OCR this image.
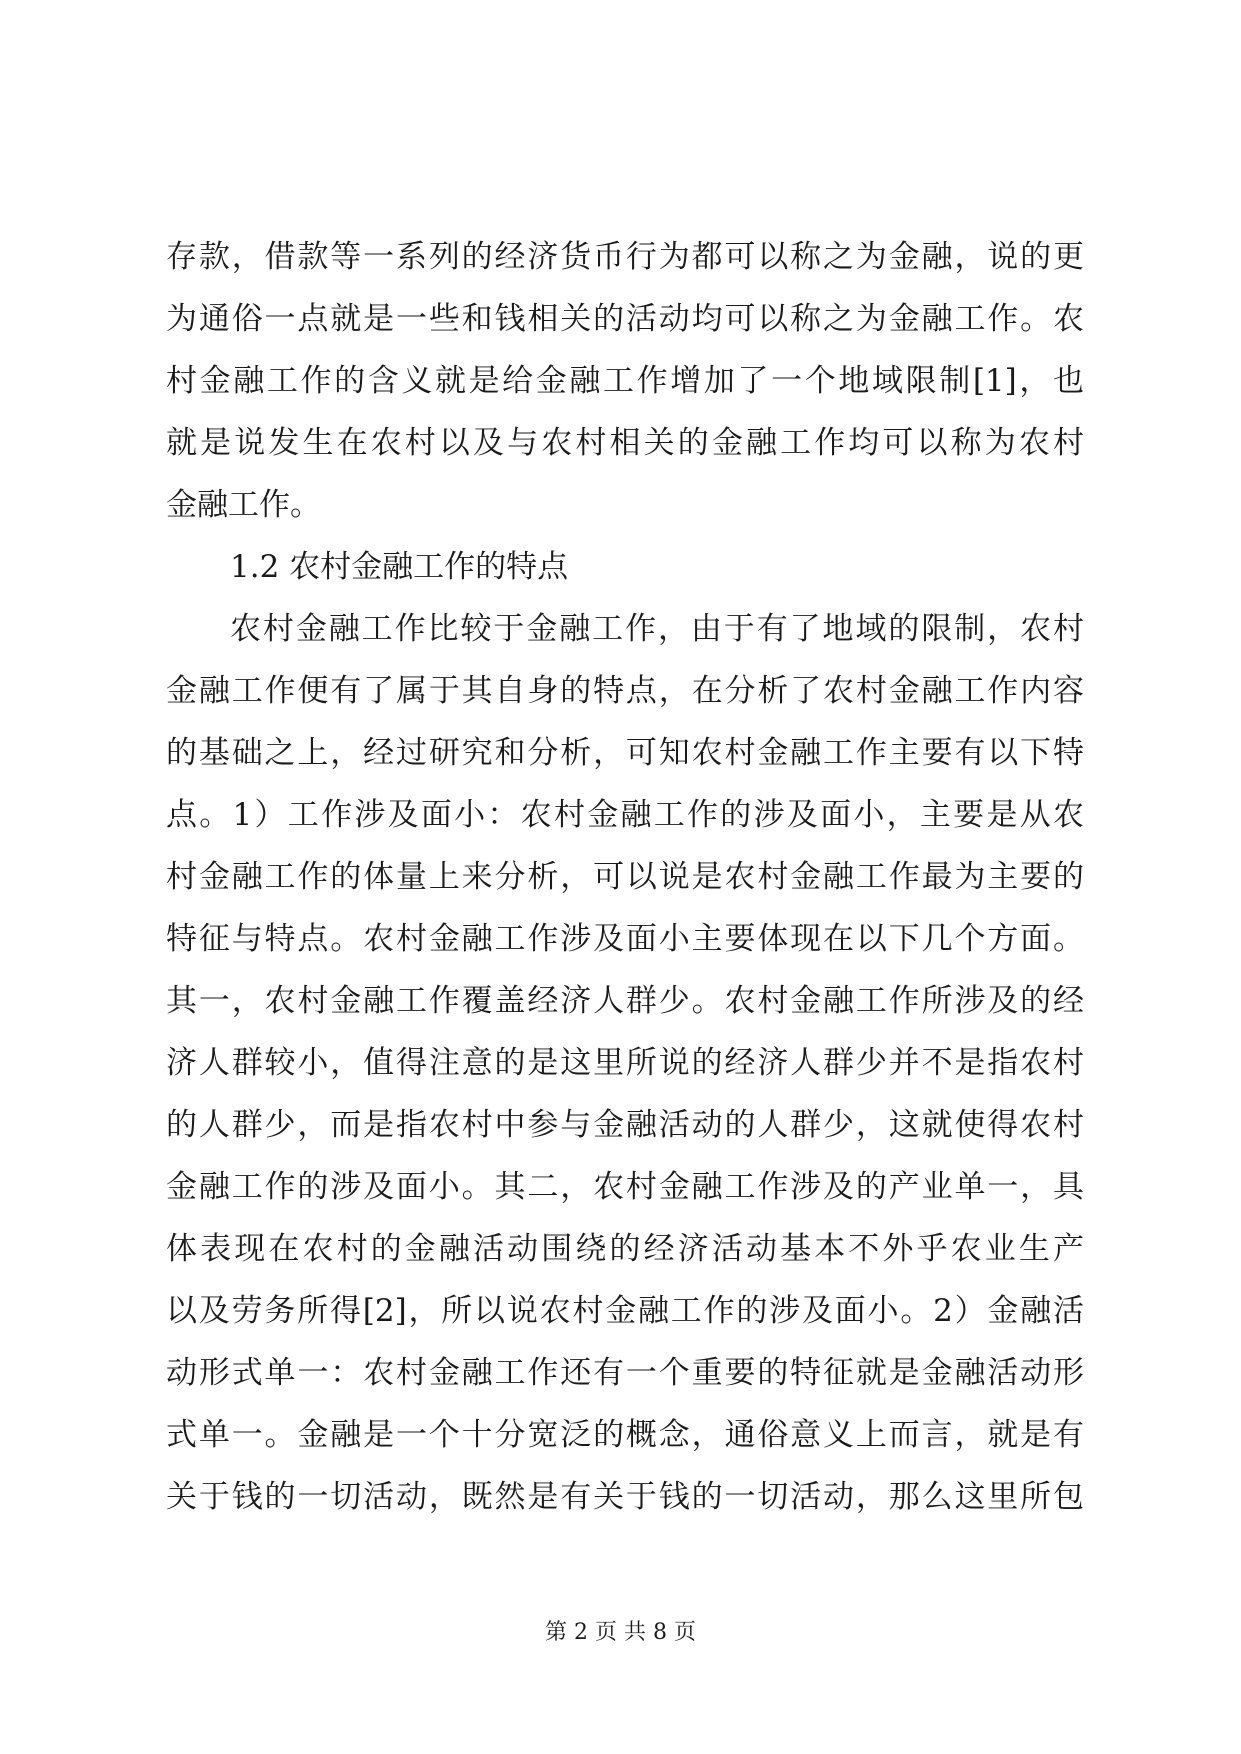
存款，借款等一系列的经济货币行为都可以称之为金融，说的更
为通俗一点就是一些和钱相关的活动均可以称之为金融工作。农
村金融工作的含义就是给金融工作增加了一个地域限制[1]，也
就是说发生在农村以及与农村相关的金融工作均可以称为农村
金融工作。
1.2 农村金融工作的特点
农村金融工作比较于金融工作，由于有了地域的限制，农村
金融工作便有了属于其自身的特点，在分析了农村金融工作内容
的基础之上，经过研究和分析，可知农村金融工作主要有以下特
点。1）工作涉及面小：农村金融工作的涉及面小，主要是从农
村金融工作的体量上来分析，可以说是农村金融工作最为主要的
特征与特点。农村金融工作涉及面小主要体现在以下几个方面。
其一，农村金融工作覆盖经济人群少。农村金融工作所涉及的经
济人群较小，值得注意的是这里所说的经济人群少并不是指农村
的人群少，而是指农村中参与金融活动的人群少，这就使得农村
金融工作的涉及面小。其二，农村金融工作涉及的产业单一，具
体表现在农村的金融活动围绕的经济活动基本不外乎农业生产
以及劳务所得[2]，所以说农村金融工作的涉及面小。2）金融活
动形式单一：农村金融工作还有一个重要的特征就是金融活动形
式单一。金融是一个十分宽泛的概念，通俗意义上而言，就是有
关于钱的一切活动，既然是有关于钱的一切活动，那么这里所包
第 2 页 共 8 页
